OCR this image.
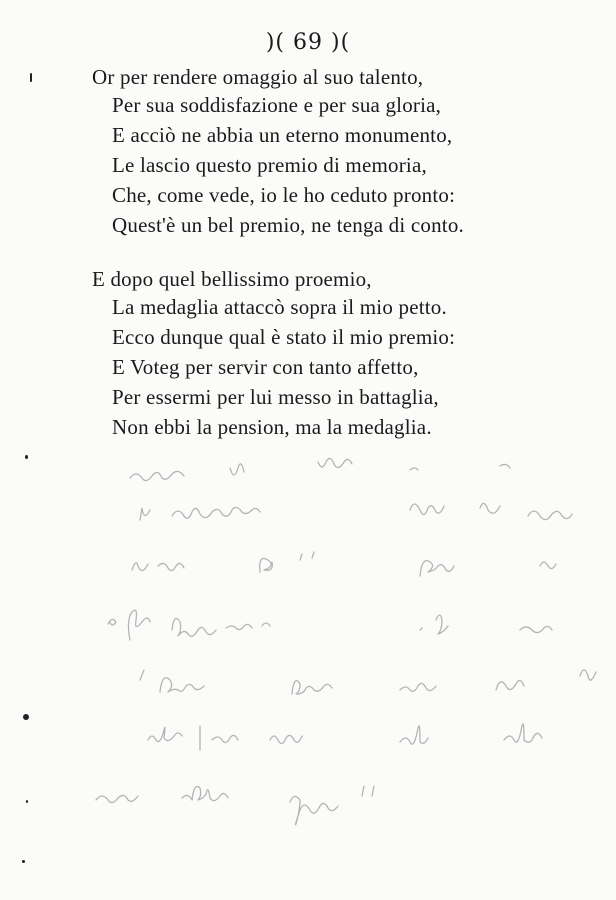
)( 69 )(
Or per rendere omaggio al suo talento,
Per sua soddisfazione e per sua gloria,
E acciò ne abbia un eterno monumento,
Le lascio questo premio di memoria,
Che, come vede, io le ho ceduto pronto:
Quest'è un bel premio, ne tenga di conto.
E dopo quel bellissimo proemio,
La medaglia attaccò sopra il mio petto.
Ecco dunque qual è stato il mio premio:
E Voteg per servir con tanto affetto,
Per essermi per lui messo in battaglia,
Non ebbi la pension, ma la medaglia.
